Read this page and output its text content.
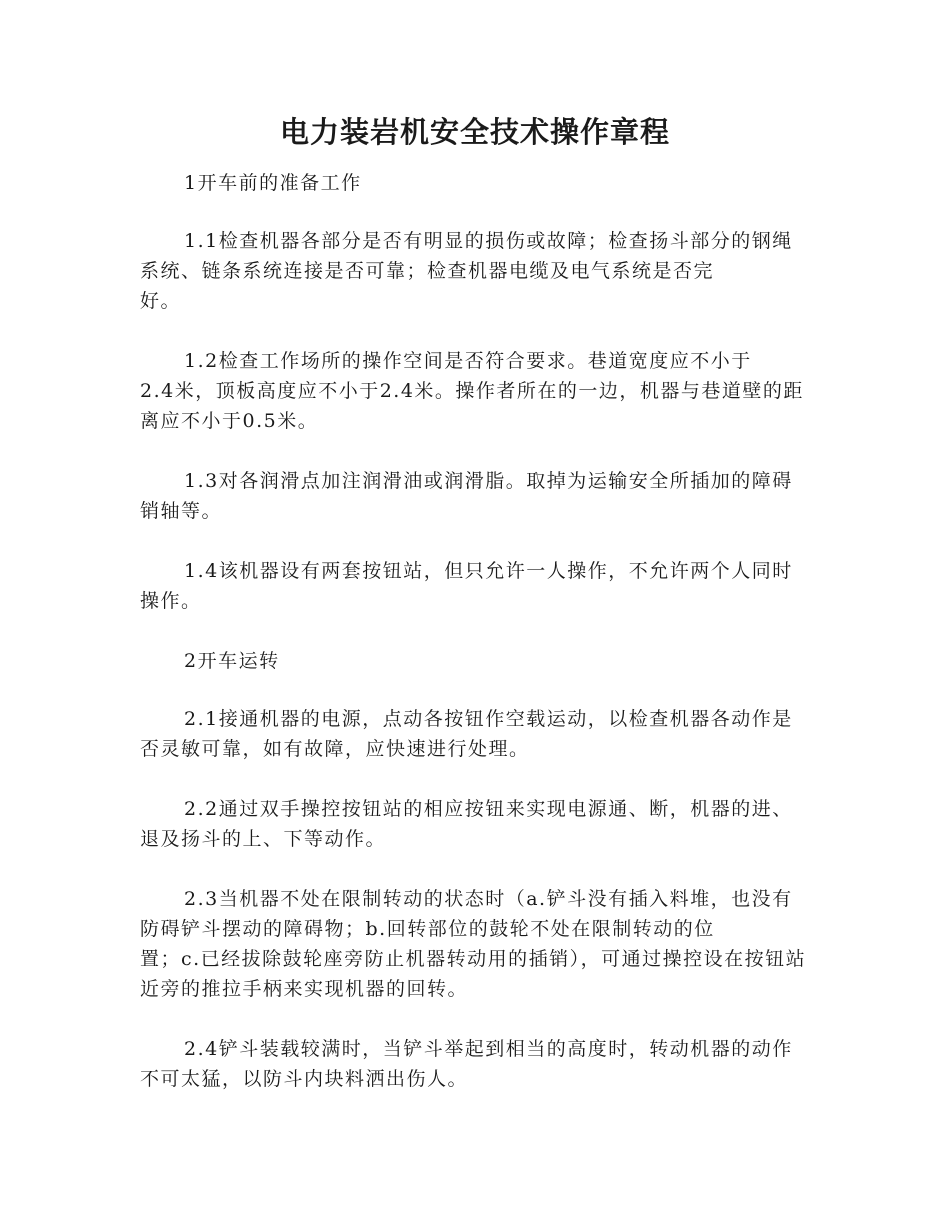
电力装岩机安全技术操作章程

1开车前的准备工作

1.1检查机器各部分是否有明显的损伤或故障；检查扬斗部分的钢绳系统、链条系统连接是否可靠；检查机器电缆及电气系统是否完
好。

1.2检查工作场所的操作空间是否符合要求。巷道宽度应不小于
2.4米，顶板高度应不小于2.4米。操作者所在的一边，机器与巷道壁的距离应不小于0.5米。

1.3对各润滑点加注润滑油或润滑脂。取掉为运输安全所插加的障碍销轴等。

1.4该机器设有两套按钮站，但只允许一人操作，不允许两个人同时操作。

2开车运转

2.1接通机器的电源，点动各按钮作空载运动，以检查机器各动作是否灵敏可靠，如有故障，应快速进行处理。

2.2通过双手操控按钮站的相应按钮来实现电源通、断，机器的进、退及扬斗的上、下等动作。

2.3当机器不处在限制转动的状态时（a.铲斗没有插入料堆，也没有防碍铲斗摆动的障碍物；b.回转部位的鼓轮不处在限制转动的位
置；c.已经拔除鼓轮座旁防止机器转动用的插销），可通过操控设在按钮站近旁的推拉手柄来实现机器的回转。

2.4铲斗装载较满时，当铲斗举起到相当的高度时，转动机器的动作不可太猛，以防斗内块料洒出伤人。
